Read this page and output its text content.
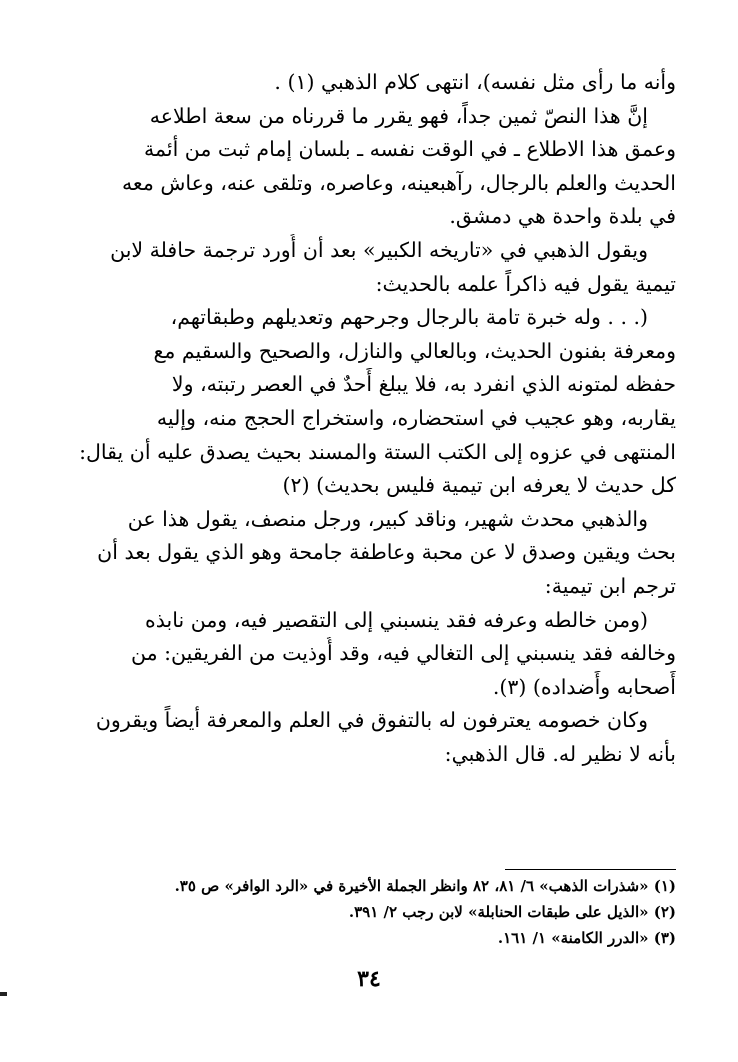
وأنه ما رأى مثل نفسه)، انتهى كلام الذهبي (١) .
إنَّ هذا النصّ ثمين جداً، فهو يقرر ما قررناه من سعة اطلاعه
وعمق هذا الاطلاع ـ في الوقت نفسه ـ بلسان إمام ثبت من أئمة
الحديث والعلم بالرجال، رآهبعينه، وعاصره، وتلقى عنه، وعاش معه
في بلدة واحدة هي دمشق.
ويقول الذهبي في «تاريخه الكبير» بعد أن أُورد ترجمة حافلة لابن
تيمية يقول فيه ذاكراً علمه بالحديث:
(. . . وله خبرة تامة بالرجال وجرحهم وتعديلهم وطبقاتهم،
ومعرفة بفنون الحديث، وبالعالي والنازل، والصحيح والسقيم مع
حفظه لمتونه الذي انفرد به، فلا يبلغ أَحدٌ في العصر رتبته، ولا
يقاربه، وهو عجيب في استحضاره، واستخراج الحجج منه، وإليه
المنتهى في عزوه إلى الكتب الستة والمسند بحيث يصدق عليه أن يقال:
كل حديث لا يعرفه ابن تيمية فليس بحديث) (٢)
والذهبي محدث شهير، وناقد كبير، ورجل منصف، يقول هذا عن
بحث ويقين وصدق لا عن محبة وعاطفة جامحة وهو الذي يقول بعد أن
ترجم ابن تيمية:
(ومن خالطه وعرفه فقد ينسبني إلى التقصير فيه، ومن نابذه
وخالفه فقد ينسبني إلى التغالي فيه، وقد أُوذيت من الفريقين: من
أَصحابه وأَضداده) (٣).
وكان خصومه يعترفون له بالتفوق في العلم والمعرفة أيضاً ويقرون
بأنه لا نظير له. قال الذهبي:
(١) «شذرات الذهب» ٦/ ٨١، ٨٢ وانظر الجملة الأخيرة في «الرد الوافر» ص ٣٥.
(٢) «الذيل على طبقات الحنابلة» لابن رجب ٢/ ٣٩١.
(٣) «الدرر الكامنة» ١/ ١٦١.
٣٤
